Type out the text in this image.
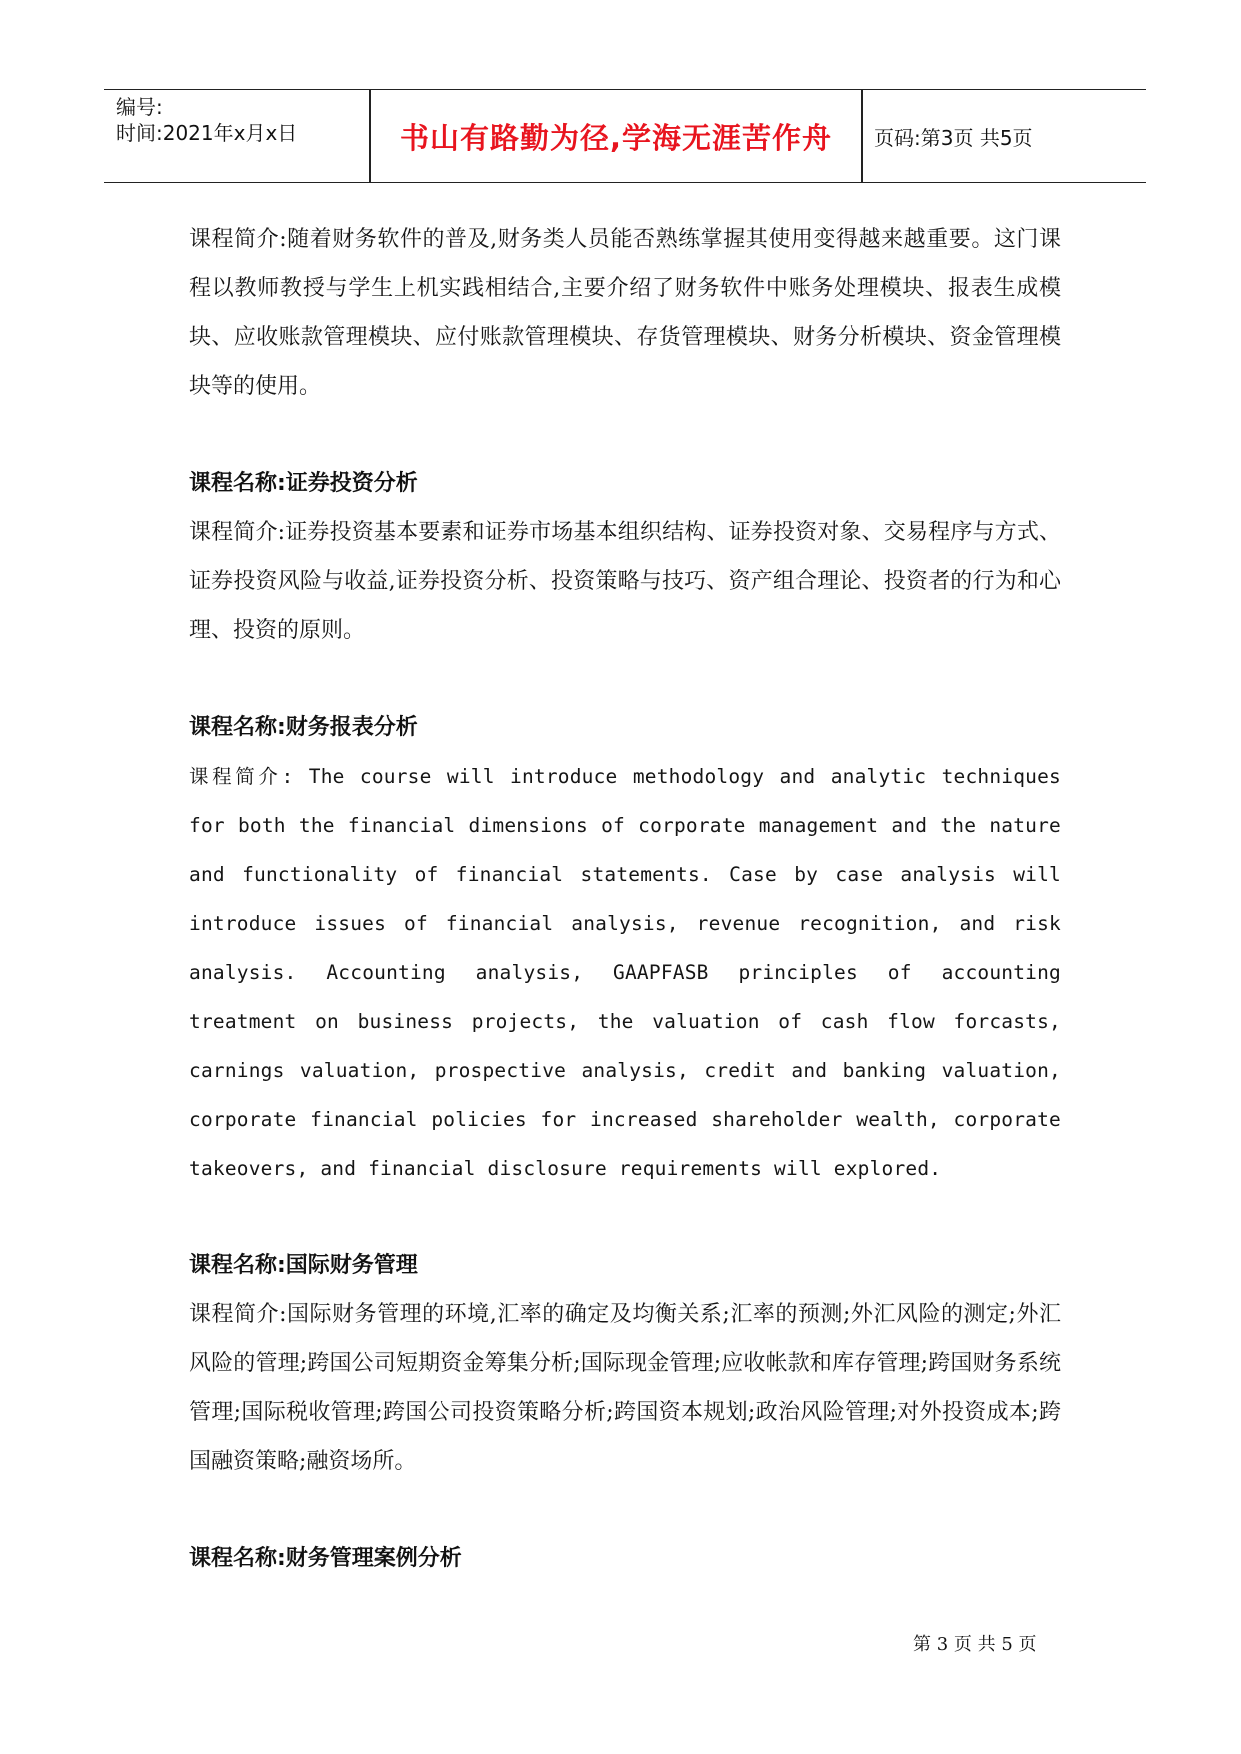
编号:
时间:2021年x月x日	书山有路勤为径,学海无涯苦作舟	页码:第3页 共5页

课程简介:随着财务软件的普及,财务类人员能否熟练掌握其使用变得越来越重要。这门课程以教师教授与学生上机实践相结合,主要介绍了财务软件中账务处理模块、报表生成模块、应收账款管理模块、应付账款管理模块、存货管理模块、财务分析模块、资金管理模块等的使用。

课程名称:证券投资分析

课程简介:证券投资基本要素和证券市场基本组织结构、证券投资对象、交易程序与方式、证券投资风险与收益,证券投资分析、投资策略与技巧、资产组合理论、投资者的行为和心理、投资的原则。

课程名称:财务报表分析

课程简介: The course will introduce methodology and analytic techniques for both the financial dimensions of corporate management and the nature and functionality of financial statements. Case by case analysis will introduce issues of financial analysis, revenue recognition, and risk analysis. Accounting analysis, GAAPFASB principles of accounting treatment on business projects, the valuation of cash flow forcasts, carnings valuation, prospective analysis, credit and banking valuation, corporate financial policies for increased shareholder wealth, corporate takeovers, and financial disclosure requirements will explored.

课程名称:国际财务管理

课程简介:国际财务管理的环境,汇率的确定及均衡关系;汇率的预测;外汇风险的测定;外汇风险的管理;跨国公司短期资金筹集分析;国际现金管理;应收帐款和库存管理;跨国财务系统管理;国际税收管理;跨国公司投资策略分析;跨国资本规划;政治风险管理;对外投资成本;跨国融资策略;融资场所。

课程名称:财务管理案例分析

第 3 页 共 5 页
